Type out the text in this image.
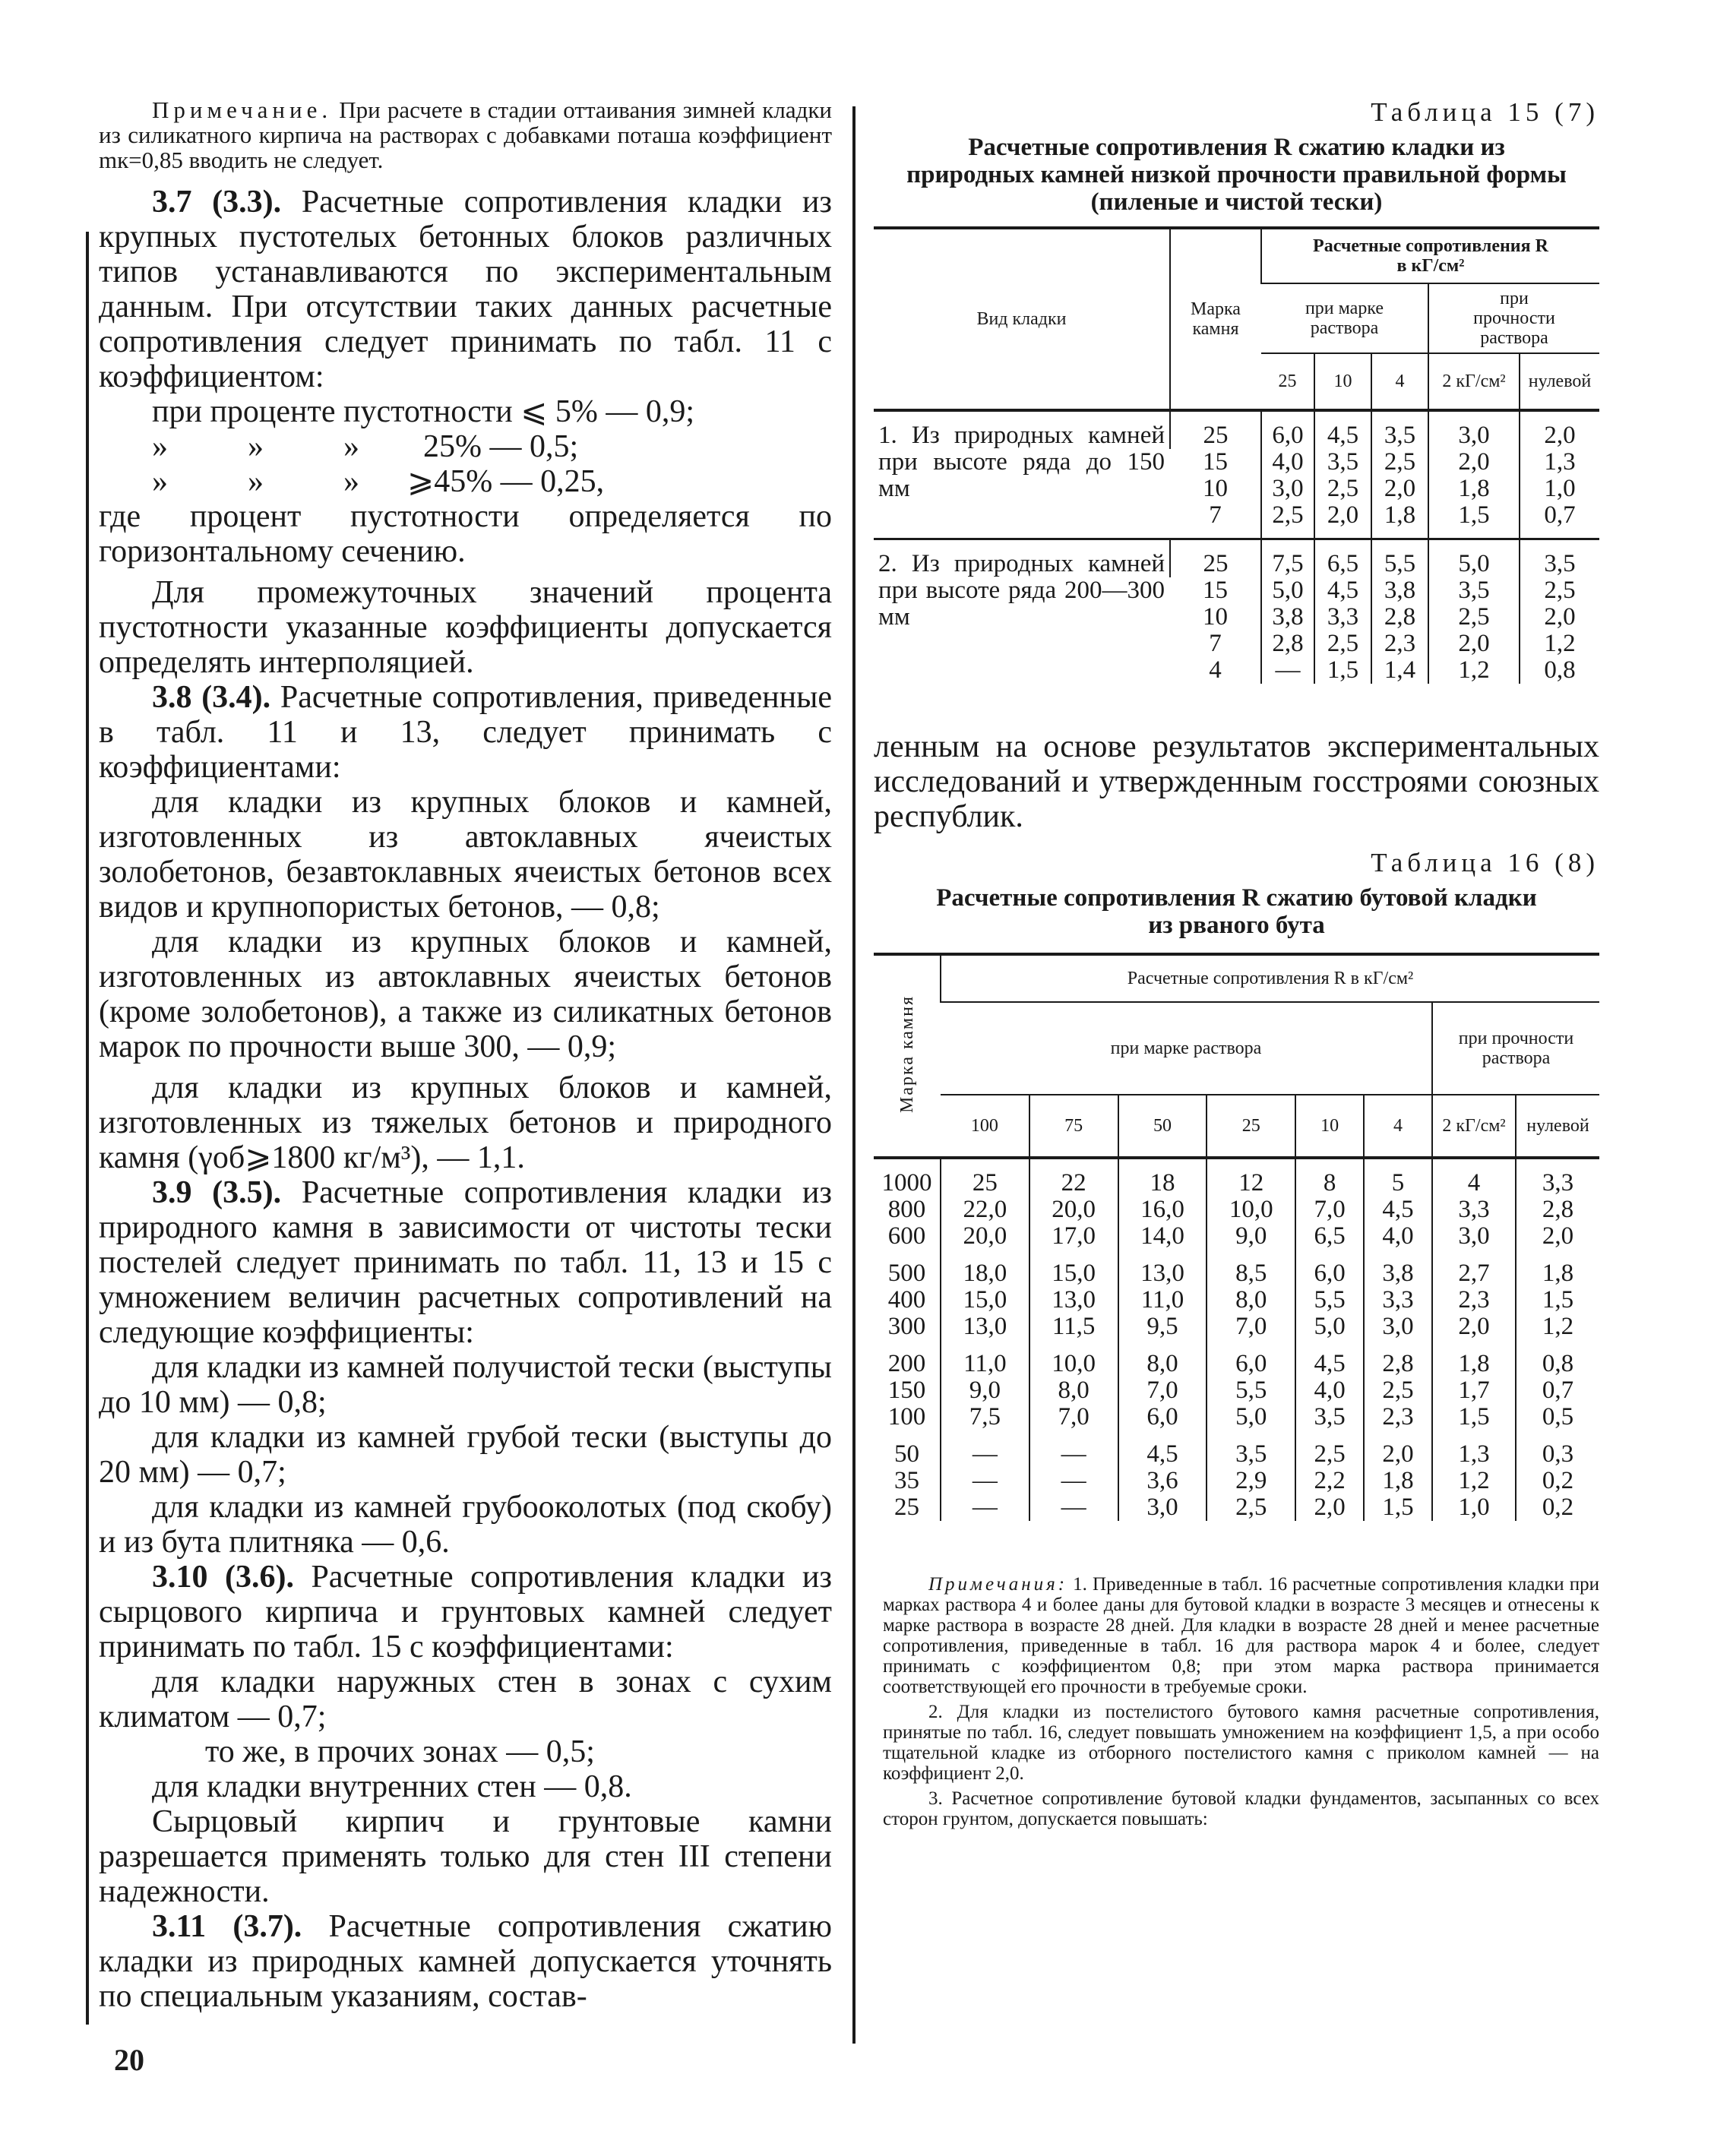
Примечание. При расчете в стадии оттаивания зимней кладки из силикатного кирпича на растворах с добавками поташа коэффициент mк=0,85 вводить не следует.

3.7 (3.3). Расчетные сопротивления кладки из крупных пустотелых бетонных блоков различных типов устанавливаются по экспериментальным данным. При отсутствии таких данных расчетные сопротивления следует принимать по табл. 11 с коэффициентом:

при проценте пустотности ⩽ 5% — 0,9;

»          »          »        25% — 0,5;

»          »          »      ⩾45% — 0,25,

где процент пустотности определяется по горизонтальному сечению.

Для промежуточных значений процента пустотности указанные коэффициенты допускается определять интерполяцией.

3.8 (3.4). Расчетные сопротивления, приведенные в табл. 11 и 13, следует принимать с коэффициентами:

для кладки из крупных блоков и камней, изготовленных из автоклавных ячеистых золобетонов, безавтоклавных ячеистых бетонов всех видов и крупнопористых бетонов, — 0,8;

для кладки из крупных блоков и камней, изготовленных из автоклавных ячеистых бетонов (кроме золобетонов), а также из силикатных бетонов марок по прочности выше 300, — 0,9;

для кладки из крупных блоков и камней, изготовленных из тяжелых бетонов и природного камня (γоб⩾1800 кг/м³), — 1,1.

3.9 (3.5). Расчетные сопротивления кладки из природного камня в зависимости от чистоты тески постелей следует принимать по табл. 11, 13 и 15 с умножением величин расчетных сопротивлений на следующие коэффициенты:

для кладки из камней получистой тески (выступы до 10 мм) — 0,8;

для кладки из камней грубой тески (выступы до 20 мм) — 0,7;

для кладки из камней грубооколотых (под скобу) и из бута плитняка — 0,6.

3.10 (3.6). Расчетные сопротивления кладки из сырцового кирпича и грунтовых камней следует принимать по табл. 15 с коэффициентами:

для кладки наружных стен в зонах с сухим климатом — 0,7;

то же, в прочих зонах — 0,5;

для кладки внутренних стен — 0,8.

Сырцовый кирпич и грунтовые камни разрешается применять только для стен III степени надежности.

3.11 (3.7). Расчетные сопротивления сжатию кладки из природных камней допускается уточнять по специальным указаниям, состав-

Таблица 15 (7)

Расчетные сопротивления R сжатию кладки из природных камней низкой прочности правильной формы (пиленые и чистой тески)

Вид кладки	Марка камня	Расчетные сопротивления R в кГ/см²				
		при марке раствора			при прочности раствора	
		25	10	4	2 кГ/см²	нулевой
1. Из природных камней при высоте ряда до 150 мм	25	6,0	4,5	3,5	3,0	2,0
	15	4,0	3,5	2,5	2,0	1,3
	10	3,0	2,5	2,0	1,8	1,0
	7	2,5	2,0	1,8	1,5	0,7
2. Из природных камней при высоте ряда 200—300 мм	25	7,5	6,5	5,5	5,0	3,5
	15	5,0	4,5	3,8	3,5	2,5
	10	3,8	3,3	2,8	2,5	2,0
	7	2,8	2,5	2,3	2,0	1,2
	4	—	1,5	1,4	1,2	0,8

ленным на основе результатов экспериментальных исследований и утвержденным госстроями союзных республик.

Таблица 16 (8)

Расчетные сопротивления R сжатию бутовой кладки из рваного бута

Марка камня	Расчетные сопротивления R в кГ/см²							
	при марке раствора						при прочности раствора	
	100	75	50	25	10	4	2 кГ/см²	нулевой
1000	25	22	18	12	8	5	4	3,3
800	22,0	20,0	16,0	10,0	7,0	4,5	3,3	2,8
600	20,0	17,0	14,0	9,0	6,5	4,0	3,0	2,0
500	18,0	15,0	13,0	8,5	6,0	3,8	2,7	1,8
400	15,0	13,0	11,0	8,0	5,5	3,3	2,3	1,5
300	13,0	11,5	9,5	7,0	5,0	3,0	2,0	1,2
200	11,0	10,0	8,0	6,0	4,5	2,8	1,8	0,8
150	9,0	8,0	7,0	5,5	4,0	2,5	1,7	0,7
100	7,5	7,0	6,0	5,0	3,5	2,3	1,5	0,5
50	—	—	4,5	3,5	2,5	2,0	1,3	0,3
35	—	—	3,6	2,9	2,2	1,8	1,2	0,2
25	—	—	3,0	2,5	2,0	1,5	1,0	0,2

Примечания: 1. Приведенные в табл. 16 расчетные сопротивления кладки при марках раствора 4 и более даны для бутовой кладки в возрасте 3 месяцев и отнесены к марке раствора в возрасте 28 дней. Для кладки в возрасте 28 дней и менее расчетные сопротивления, приведенные в табл. 16 для раствора марок 4 и более, следует принимать с коэффициентом 0,8; при этом марка раствора принимается соответствующей его прочности в требуемые сроки.

2. Для кладки из постелистого бутового камня расчетные сопротивления, принятые по табл. 16, следует повышать умножением на коэффициент 1,5, а при особо тщательной кладке из отборного постелистого камня с приколом камней — на коэффициент 2,0.

3. Расчетное сопротивление бутовой кладки фундаментов, засыпанных со всех сторон грунтом, допускается повышать:

20
